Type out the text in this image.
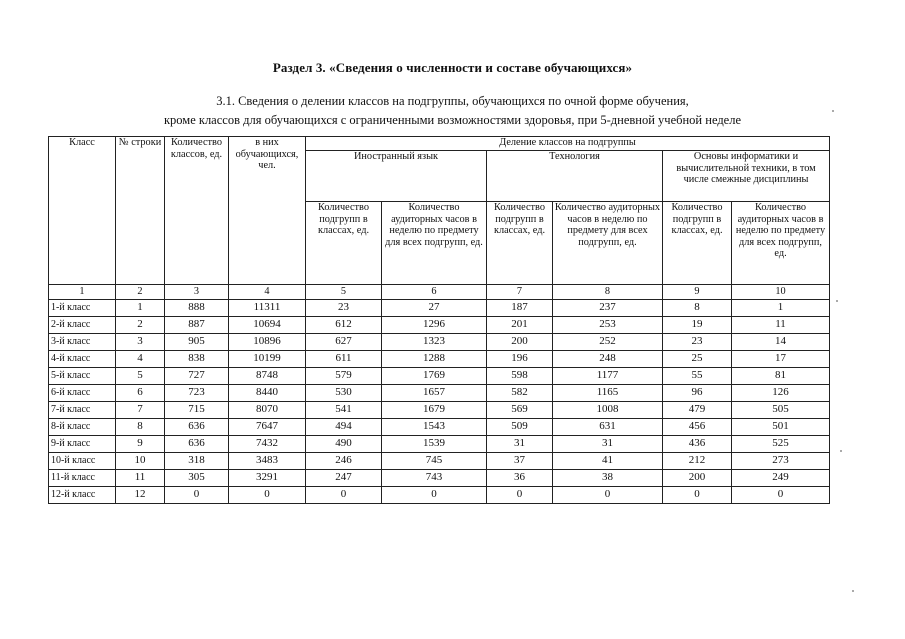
Раздел 3. «Сведения о численности и составе обучающихся»
3.1. Сведения о делении классов на подгруппы, обучающихся по очной форме обучения,
кроме классов для обучающихся с ограниченными возможностями здоровья, при 5-дневной учебной неделе
Класс	№ строки	Количество классов, ед.	в них обучающихся, чел.	Деление классов на подгруппы					
				Иностранный язык		Технология		Основы информатики и вычислительной техники, в том числе смежные дисциплины	
				Количество подгрупп в классах, ед.	Количество аудиторных часов в неделю по предмету для всех подгрупп, ед.	Количество подгрупп в классах, ед.	Количество аудиторных часов в неделю по предмету для всех подгрупп, ед.	Количество подгрупп в классах, ед.	Количество аудиторных часов в неделю по предмету для всех подгрупп, ед.
1	2	3	4	5	6	7	8	9	10
1-й класс	1	888	11311	23	27	187	237	8	1
2-й класс	2	887	10694	612	1296	201	253	19	11
3-й класс	3	905	10896	627	1323	200	252	23	14
4-й класс	4	838	10199	611	1288	196	248	25	17
5-й класс	5	727	8748	579	1769	598	1177	55	81
6-й класс	6	723	8440	530	1657	582	1165	96	126
7-й класс	7	715	8070	541	1679	569	1008	479	505
8-й класс	8	636	7647	494	1543	509	631	456	501
9-й класс	9	636	7432	490	1539	31	31	436	525
10-й класс	10	318	3483	246	745	37	41	212	273
11-й класс	11	305	3291	247	743	36	38	200	249
12-й класс	12	0	0	0	0	0	0	0	0
